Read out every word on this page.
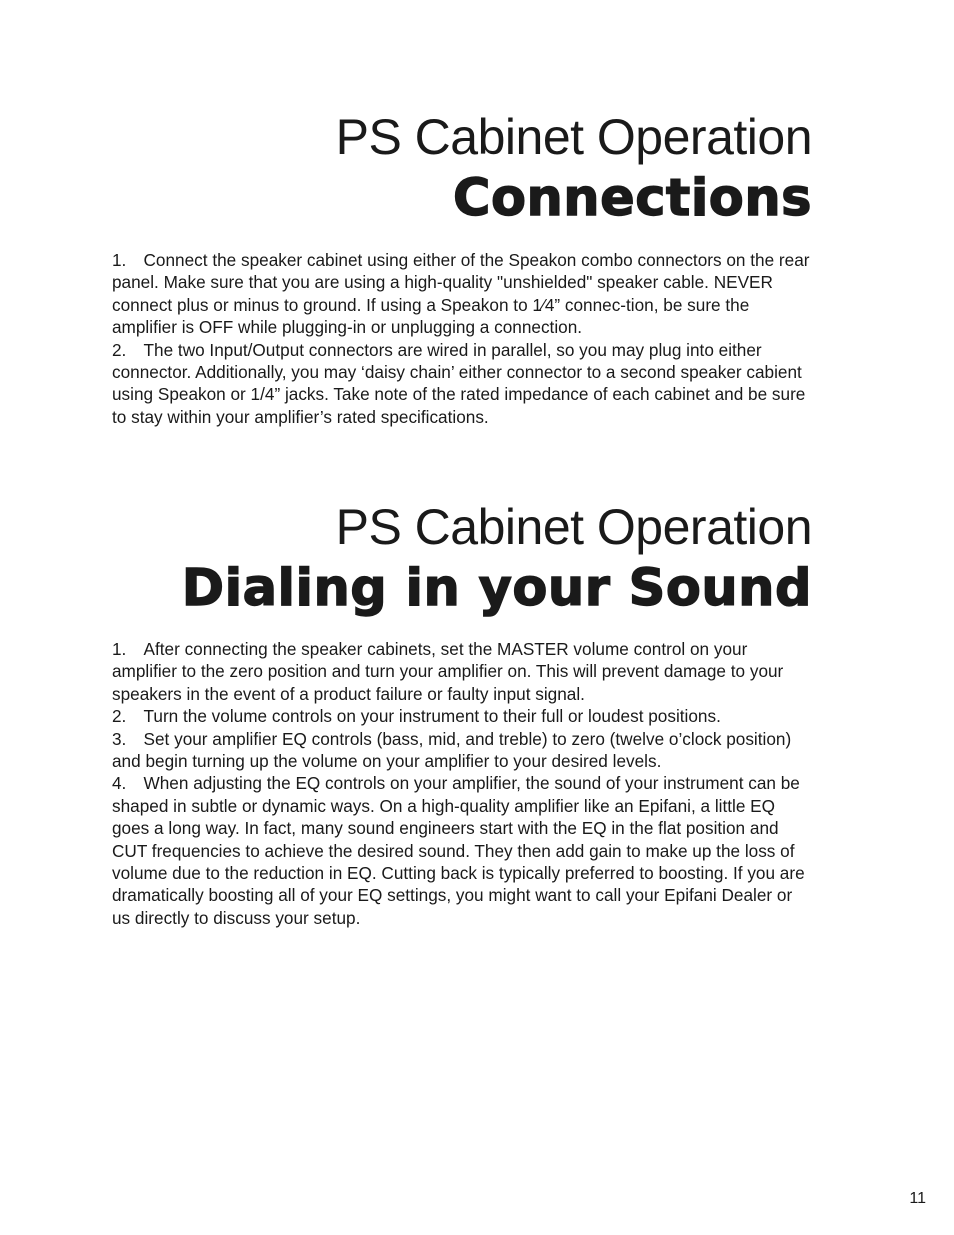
PS Cabinet Operation
Connections

1. Connect the speaker cabinet using either of the Speakon combo connectors on the rear panel. Make sure that you are using a high-quality "unshielded" speaker cable. NEVER connect plus or minus to ground. If using a Speakon to 1⁄4” connec-tion, be sure the amplifier is OFF while plugging-in or unplugging a connection.

2. The two Input/Output connectors are wired in parallel, so you may plug into either connector. Additionally, you may ‘daisy chain’ either connector to a second speaker cabient using Speakon or 1/4” jacks. Take note of the rated impedance of each cabinet and be sure to stay within your amplifier’s rated specifications.

PS Cabinet Operation
Dialing in your Sound

1. After connecting the speaker cabinets, set the MASTER volume control on your amplifier to the zero position and turn your amplifier on. This will prevent damage to your speakers in the event of a product failure or faulty input signal.

2. Turn the volume controls on your instrument to their full or loudest positions.

3. Set your amplifier EQ controls (bass, mid, and treble) to zero (twelve o’clock position) and begin turning up the volume on your amplifier to your desired levels.

4. When adjusting the EQ controls on your amplifier, the sound of your instrument can be shaped in subtle or dynamic ways. On a high-quality amplifier like an Epifani, a little EQ goes a long way. In fact, many sound engineers start with the EQ in the flat position and CUT frequencies to achieve the desired sound. They then add gain to make up the loss of volume due to the reduction in EQ. Cutting back is typically preferred to boosting. If you are dramatically boosting all of your EQ settings, you might want to call your Epifani Dealer or us directly to discuss your setup.

11
